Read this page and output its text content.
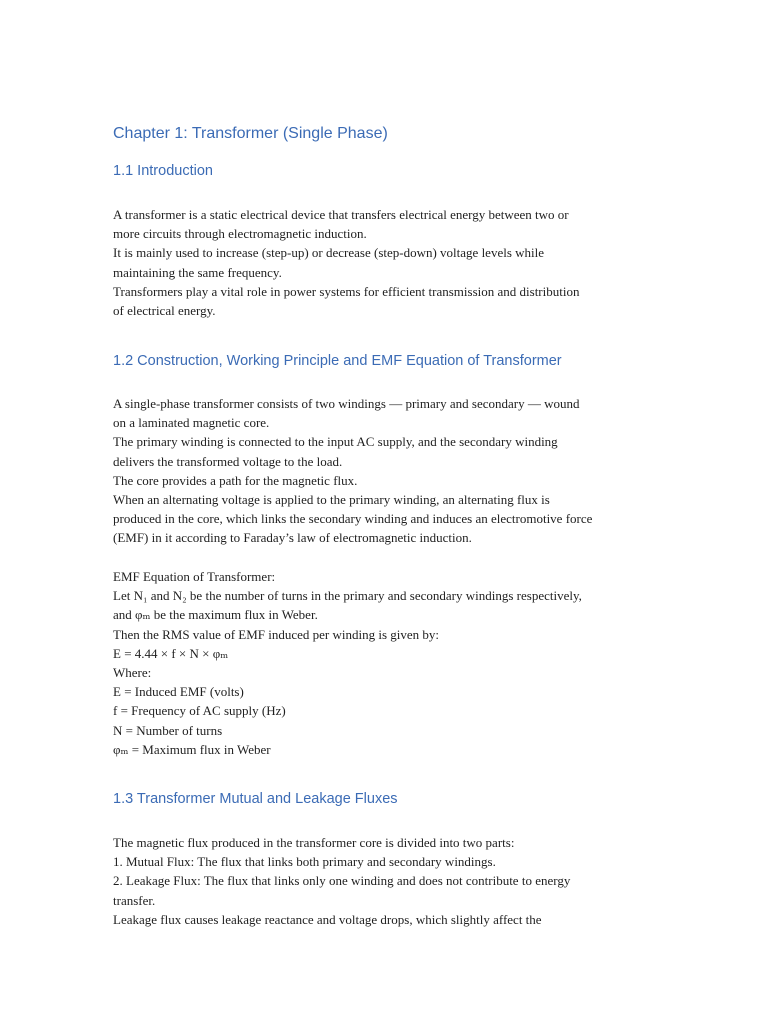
Chapter 1: Transformer (Single Phase)
1.1 Introduction

A transformer is a static electrical device that transfers electrical energy between two or

more circuits through electromagnetic induction.

It is mainly used to increase (step-up) or decrease (step-down) voltage levels while

maintaining the same frequency.

Transformers play a vital role in power systems for efficient transmission and distribution

of electrical energy.

1.2 Construction, Working Principle and EMF Equation of Transformer

A single-phase transformer consists of two windings — primary and secondary — wound

on a laminated magnetic core.

The primary winding is connected to the input AC supply, and the secondary winding

delivers the transformed voltage to the load.

The core provides a path for the magnetic flux.

When an alternating voltage is applied to the primary winding, an alternating flux is

produced in the core, which links the secondary winding and induces an electromotive force

(EMF) in it according to Faraday’s law of electromagnetic induction.

EMF Equation of Transformer:

Let N₁ and N₂ be the number of turns in the primary and secondary windings respectively,

and φₘ be the maximum flux in Weber.

Then the RMS value of EMF induced per winding is given by:

E = 4.44 × f × N × φₘ

Where:

E = Induced EMF (volts)

f = Frequency of AC supply (Hz)

N = Number of turns

φₘ = Maximum flux in Weber

1.3 Transformer Mutual and Leakage Fluxes

The magnetic flux produced in the transformer core is divided into two parts:

1. Mutual Flux: The flux that links both primary and secondary windings.

2. Leakage Flux: The flux that links only one winding and does not contribute to energy

transfer.

Leakage flux causes leakage reactance and voltage drops, which slightly affect the
